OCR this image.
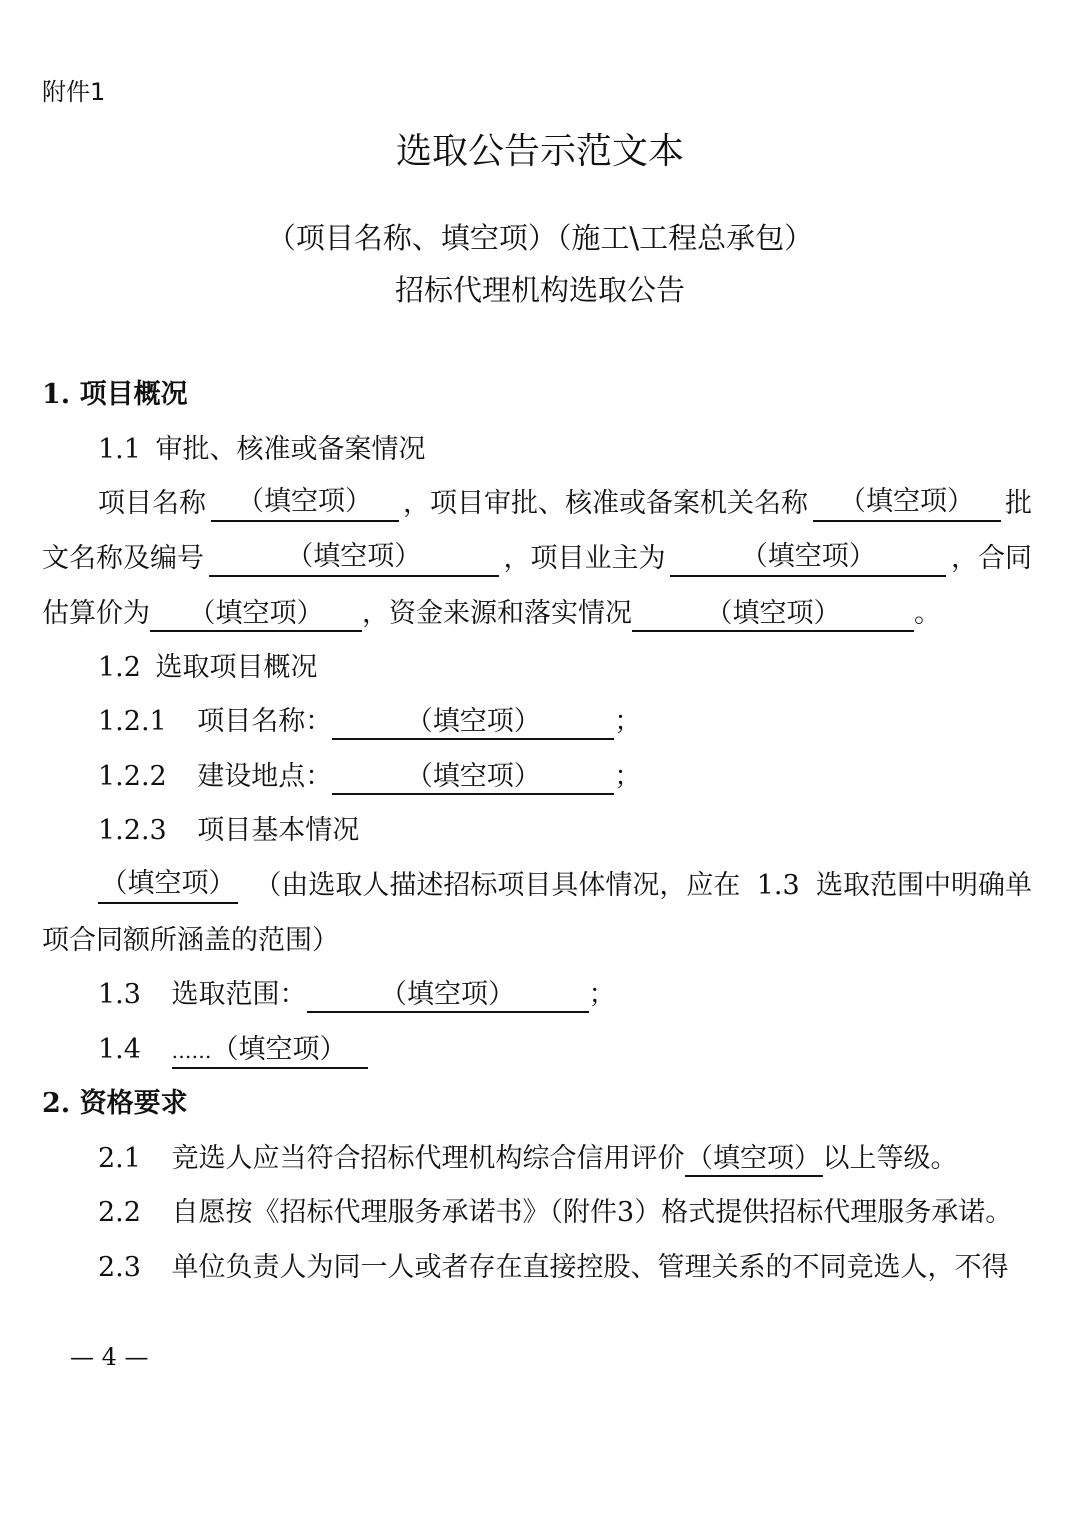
附件1
选取公告示范文本
（项目名称、填空项）（施工\工程总承包）
招标代理机构选取公告
1. 项目概况
1.1 审批、核准或备案情况
项目名称	（填空项）	，项目审批、核准或备案机关名称	（填空项）	批
文名称及编号	（填空项）	，项目业主为	（填空项）	，合同
估算价为 （填空项） ，资金来源和落实情况	（填空项）	。
1.2 选取项目概况
1.2.1 项目名称：	（填空项）	；
1.2.2 建设地点：	（填空项）	；
1.2.3 项目基本情况
（填空项） （由选取人描述招标项目具体情况，应在 1.3 选取范围中明确单
项合同额所涵盖的范围）
1.3 选取范围：	（填空项）	；
1.4 ……（填空项）
2. 资格要求
2.1 竞选人应当符合招标代理机构综合信用评价（填空项）以上等级。
2.2 自愿按《招标代理服务承诺书》（附件3）格式提供招标代理服务承诺。
2.3 单位负责人为同一人或者存在直接控股、管理关系的不同竞选人，不得
— 4 —
